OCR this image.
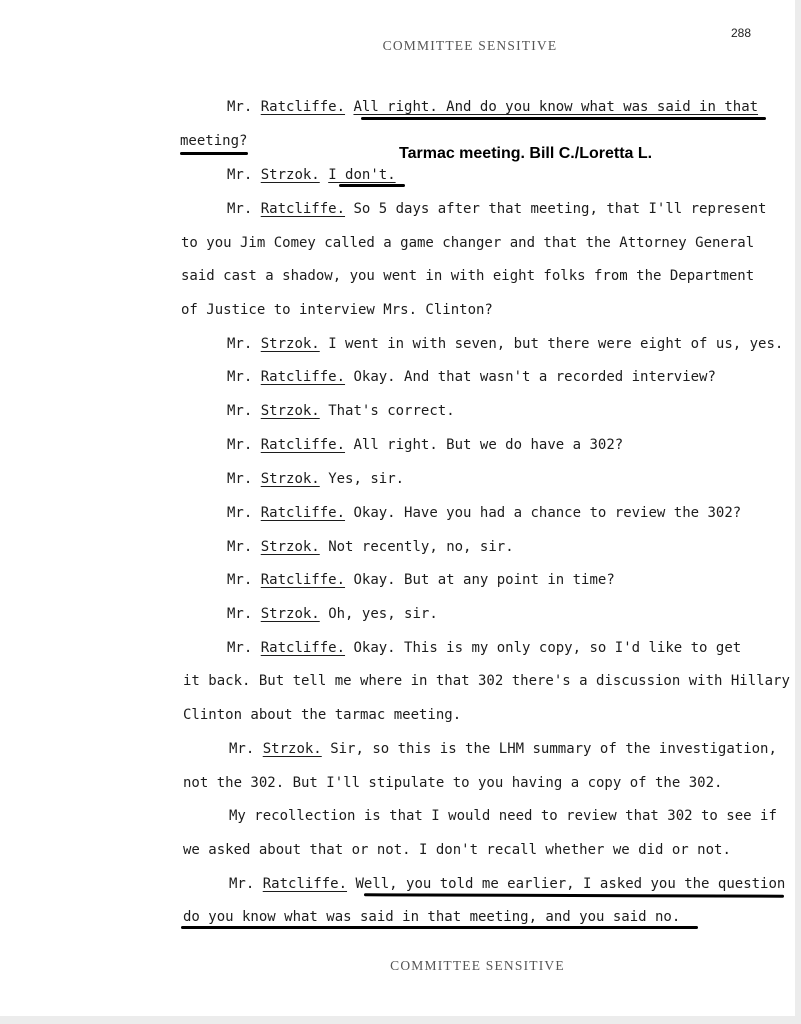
288
COMMITTEE SENSITIVE
Mr. Ratcliffe. All right. And do you know what was said in that
meeting?
Tarmac meeting. Bill C./Loretta L.
Mr. Strzok. I don't.
Mr. Ratcliffe. So 5 days after that meeting, that I'll represent
to you Jim Comey called a game changer and that the Attorney General
said cast a shadow, you went in with eight folks from the Department
of Justice to interview Mrs. Clinton?
Mr. Strzok. I went in with seven, but there were eight of us, yes.
Mr. Ratcliffe. Okay. And that wasn't a recorded interview?
Mr. Strzok. That's correct.
Mr. Ratcliffe. All right. But we do have a 302?
Mr. Strzok. Yes, sir.
Mr. Ratcliffe. Okay. Have you had a chance to review the 302?
Mr. Strzok. Not recently, no, sir.
Mr. Ratcliffe. Okay. But at any point in time?
Mr. Strzok. Oh, yes, sir.
Mr. Ratcliffe. Okay. This is my only copy, so I'd like to get
it back. But tell me where in that 302 there's a discussion with Hillary
Clinton about the tarmac meeting.
Mr. Strzok. Sir, so this is the LHM summary of the investigation,
not the 302. But I'll stipulate to you having a copy of the 302.
My recollection is that I would need to review that 302 to see if
we asked about that or not. I don't recall whether we did or not.
Mr. Ratcliffe. Well, you told me earlier, I asked you the question
do you know what was said in that meeting, and you said no.
COMMITTEE SENSITIVE
